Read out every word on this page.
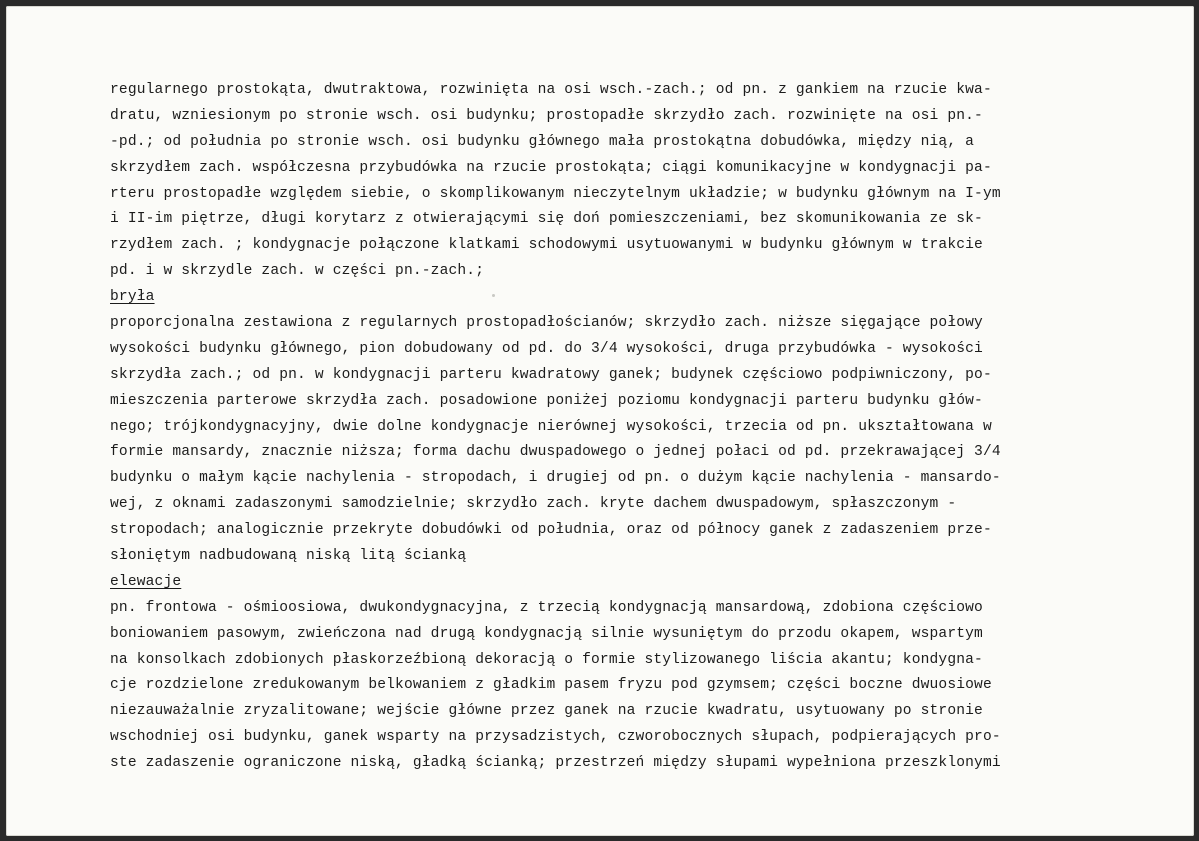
regularnego prostokąta, dwutraktowa, rozwinięta na osi wsch.-zach.; od pn. z gankiem na rzucie kwa-
dratu, wzniesionym po stronie wsch. osi budynku; prostopadłe skrzydło zach. rozwinięte na osi pn.-
-pd.; od południa po stronie wsch. osi budynku głównego mała prostokątna dobudówka, między nią, a
skrzydłem zach. współczesna przybudówka na rzucie prostokąta; ciągi komunikacyjne w kondygnacji pa-
rteru prostopadłe względem siebie, o skomplikowanym nieczytelnym układzie; w budynku głównym na I-ym
i II-im piętrze, długi korytarz z otwierającymi się doń pomieszczeniami, bez skomunikowania ze sk-
rzydłem zach. ; kondygnacje połączone klatkami schodowymi usytuowanymi w budynku głównym w trakcie
pd. i w skrzydle zach. w części pn.-zach.;
bryła
proporcjonalna zestawiona z regularnych prostopadłościanów; skrzydło zach. niższe sięgające połowy
wysokości budynku głównego, pion dobudowany od pd. do 3/4 wysokości, druga przybudówka - wysokości
skrzydła zach.; od pn. w kondygnacji parteru kwadratowy ganek; budynek częściowo podpiwniczony, po-
mieszczenia parterowe skrzydła zach. posadowione poniżej poziomu kondygnacji parteru budynku głów-
nego; trójkondygnacyjny, dwie dolne kondygnacje nierównej wysokości, trzecia od pn. ukształtowana w
formie mansardy, znacznie niższa; forma dachu dwuspadowego o jednej połaci od pd. przekrawającej 3/4
budynku o małym kącie nachylenia - stropodach, i drugiej od pn. o dużym kącie nachylenia - mansardo-
wej, z oknami zadaszonymi samodzielnie; skrzydło zach. kryte dachem dwuspadowym, spłaszczonym -
stropodach; analogicznie przekryte dobudówki od południa, oraz od północy ganek z zadaszeniem prze-
słoniętym nadbudowaną niską litą ścianką
elewacje
pn. frontowa - ośmioosiowa, dwukondygnacyjna, z trzecią kondygnacją mansardową, zdobiona częściowo
boniowaniem pasowym, zwieńczona nad drugą kondygnacją silnie wysuniętym do przodu okapem, wspartym
na konsolkach zdobionych płaskorzeźbioną dekoracją o formie stylizowanego liścia akantu; kondygna-
cje rozdzielone zredukowanym belkowaniem z gładkim pasem fryzu pod gzymsem; części boczne dwuosiowe
niezauważalnie zryzalitowane; wejście główne przez ganek na rzucie kwadratu, usytuowany po stronie
wschodniej osi budynku, ganek wsparty na przysadzistych, czworobocznych słupach, podpierających pro-
ste zadaszenie ograniczone niską, gładką ścianką; przestrzeń między słupami wypełniona przeszklonymi
